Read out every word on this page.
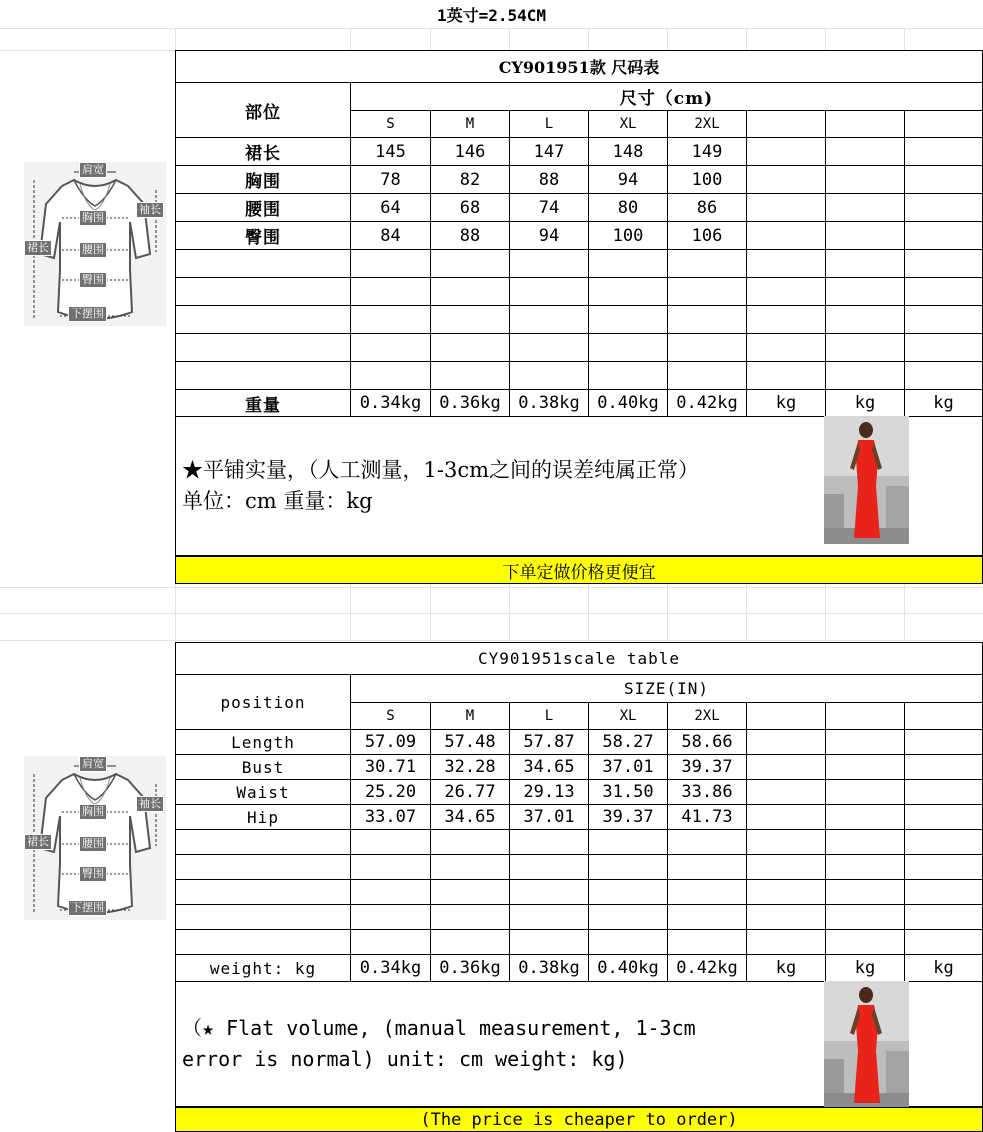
1英寸=2.54CM
CY901951款 尺码表
部位
尺寸（cm)
S	M	L	XL	2XL
裙长	145	146	147	148	149
胸围	78	82	88	94	100
腰围	64	68	74	80	86
臀围	84	88	94	100	106
重量	0.34kg	0.36kg	0.38kg	0.40kg	0.42kg	kg	kg	kg
★平铺实量，（人工测量，1-3cm之间的误差纯属正常）
单位：cm 重量：kg
下单定做价格更便宜
肩宽
袖长
胸围
腰围
臀围
裙长
下摆围
CY901951scale table
position
SIZE(IN)
S	M	L	XL	2XL
Length	57.09	57.48	57.87	58.27	58.66
Bust	30.71	32.28	34.65	37.01	39.37
Waist	25.20	26.77	29.13	31.50	33.86
Hip	33.07	34.65	37.01	39.37	41.73
weight: kg	0.34kg	0.36kg	0.38kg	0.40kg	0.42kg	kg	kg	kg
（★ Flat volume, (manual measurement, 1-3cm
error is normal) unit: cm weight: kg)
(The price is cheaper to order)
肩宽
袖长
胸围
腰围
臀围
裙长
下摆围
